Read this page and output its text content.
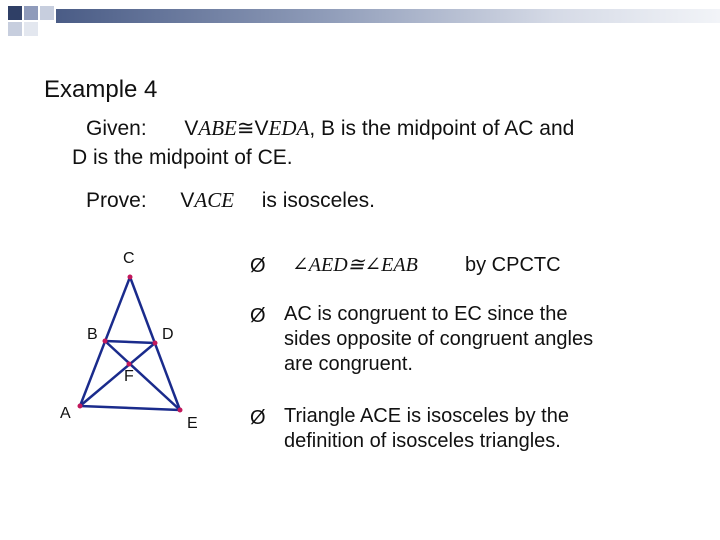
Example 4
Given: VABE≅VEDA, B is the midpoint of AC and
D is the midpoint of CE.
Prove: VACE is isosceles.
C
B	D
F
A
E
Ø ∠AED≅∠EAB by CPCTC
Ø AC is congruent to EC since the
sides opposite of congruent angles
are congruent.
Ø Triangle ACE is isosceles by the
definition of isosceles triangles.
